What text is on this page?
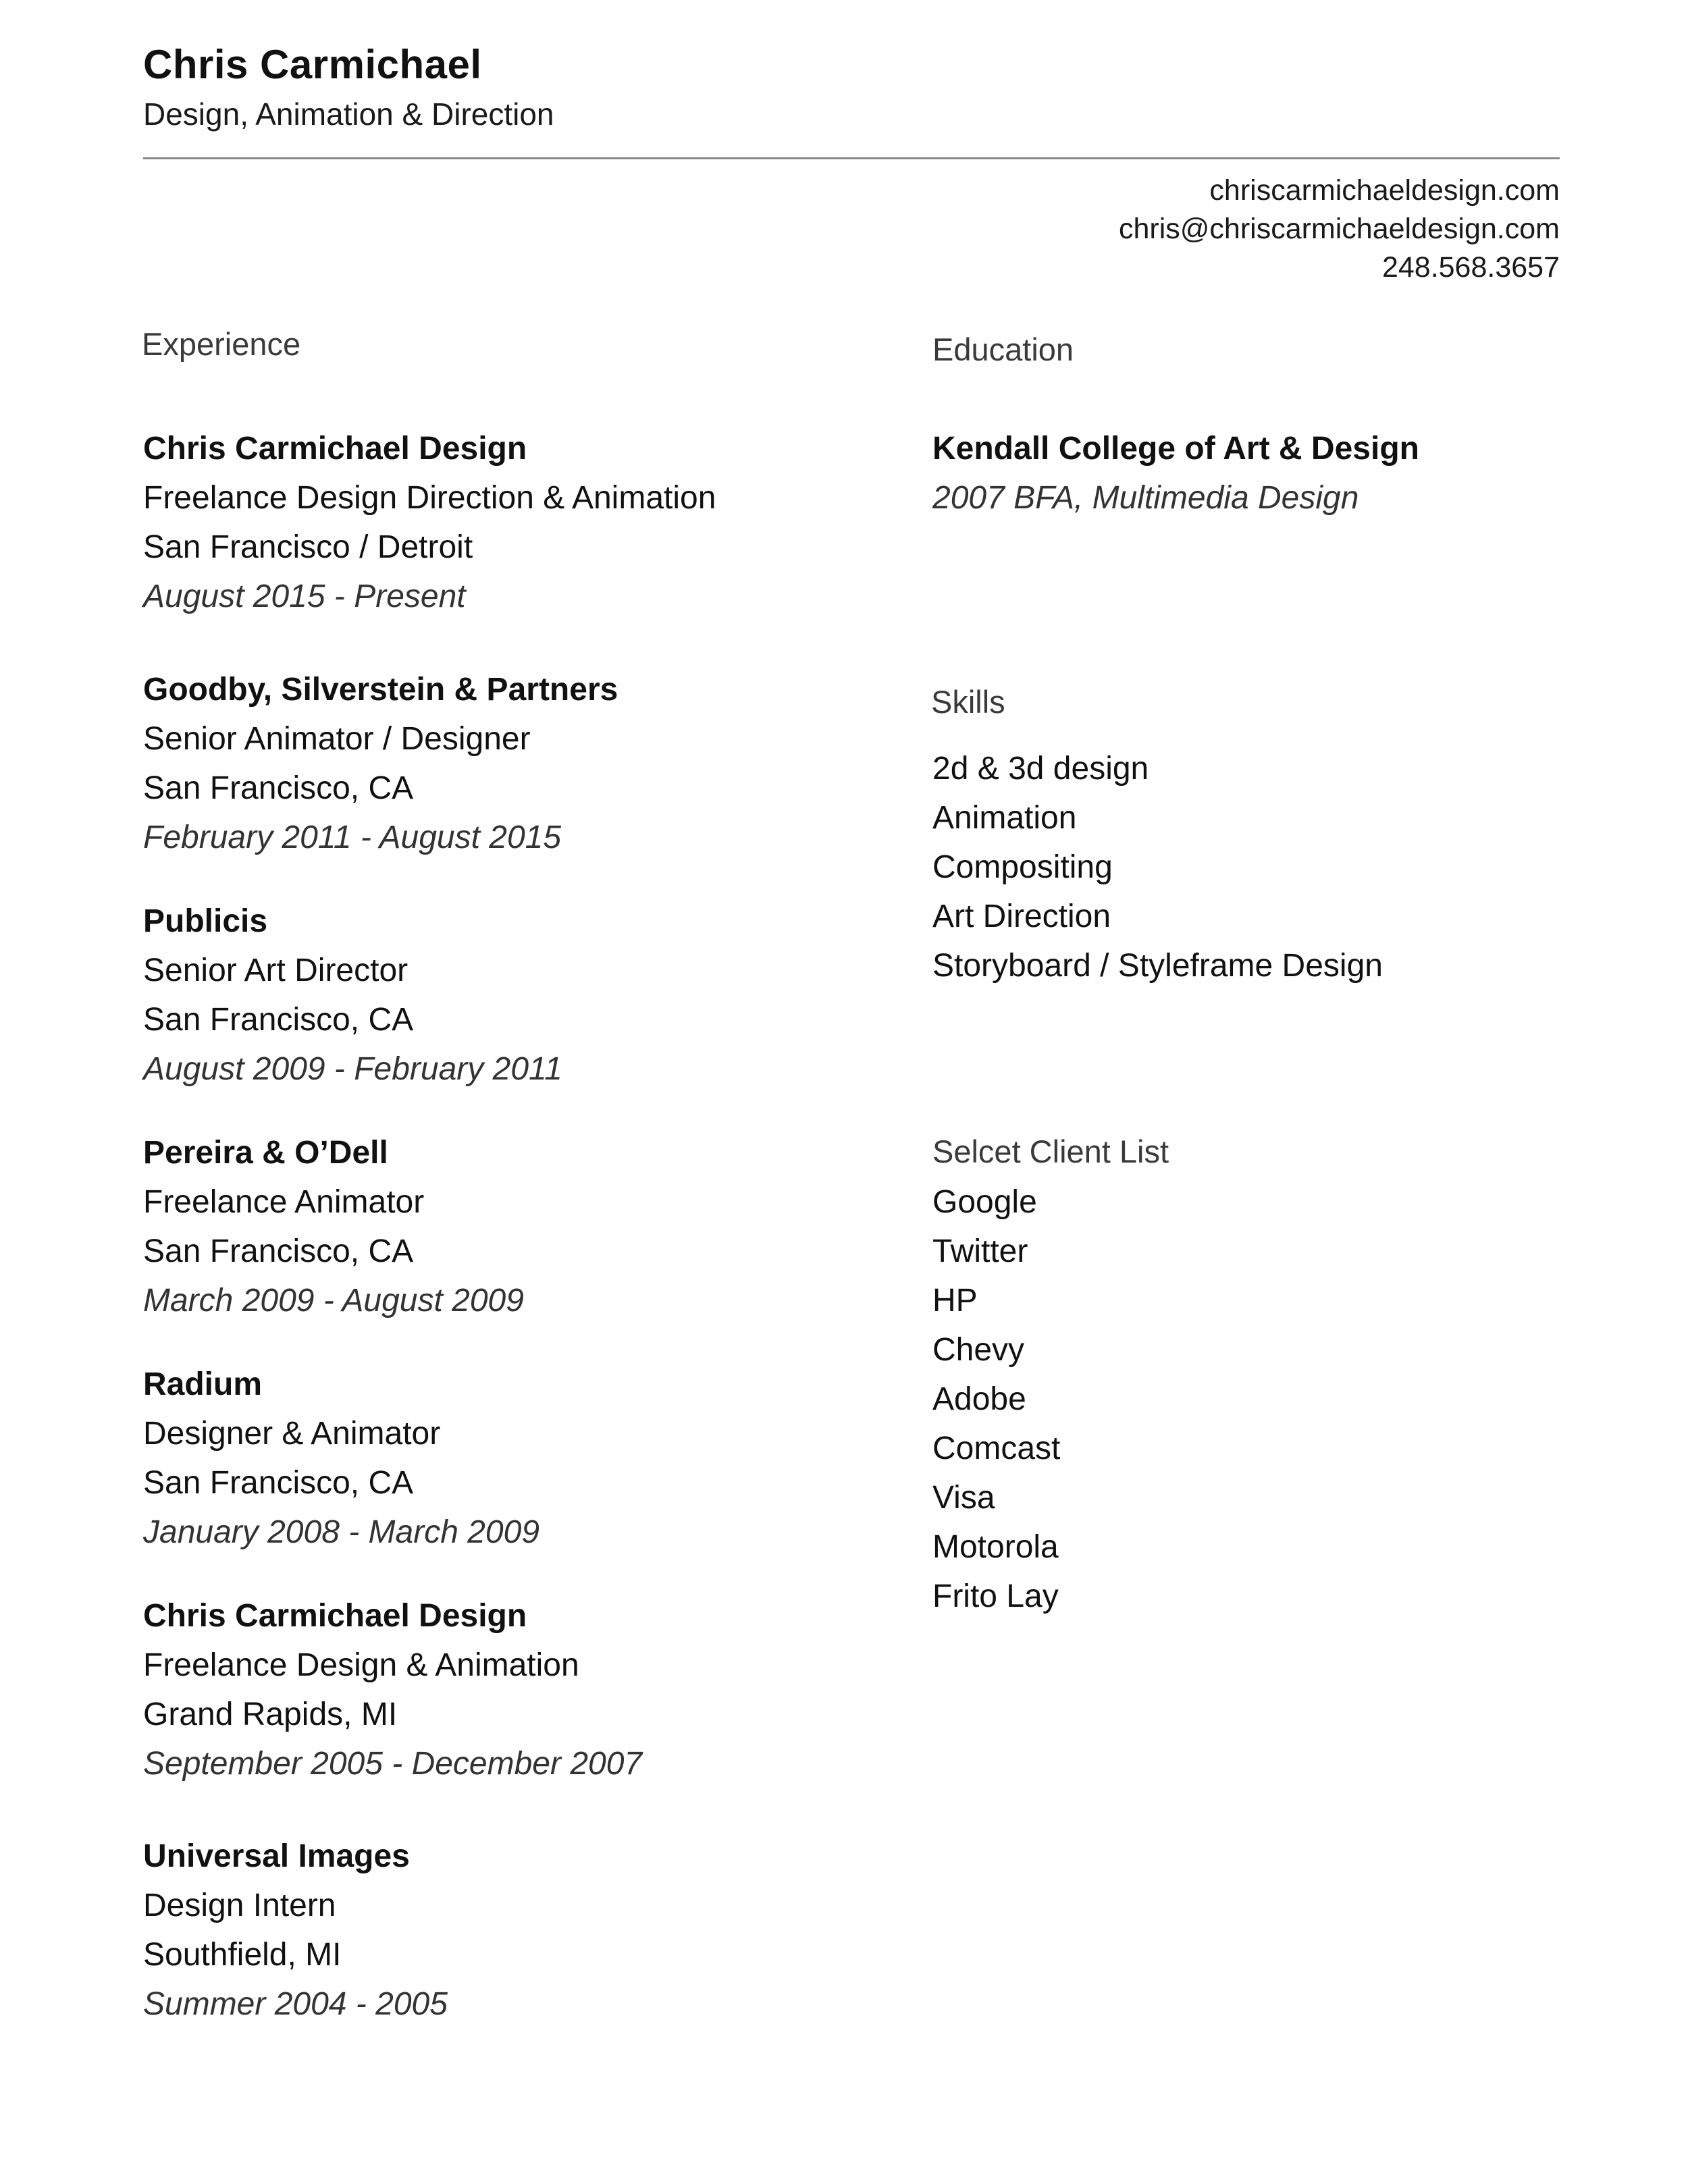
Chris Carmichael
Design, Animation & Direction
chriscarmichaeldesign.com
chris@chriscarmichaeldesign.com
248.568.3657
Experience
Chris Carmichael Design
Freelance Design Direction & Animation
San Francisco / Detroit
August 2015 - Present
Goodby, Silverstein & Partners
Senior Animator / Designer
San Francisco, CA
February 2011 - August 2015
Publicis
Senior Art Director
San Francisco, CA
August 2009 - February 2011
Pereira & O’Dell
Freelance Animator
San Francisco, CA
March 2009 - August 2009
Radium
Designer & Animator
San Francisco, CA
January 2008 - March 2009
Chris Carmichael Design
Freelance Design & Animation
Grand Rapids, MI
September 2005 - December 2007
Universal Images
Design Intern
Southfield, MI
Summer 2004 - 2005
Education
Kendall College of Art & Design
2007 BFA, Multimedia Design
Skills
2d & 3d design
Animation
Compositing
Art Direction
Storyboard / Styleframe Design
Selcet Client List
Google
Twitter
HP
Chevy
Adobe
Comcast
Visa
Motorola
Frito Lay
